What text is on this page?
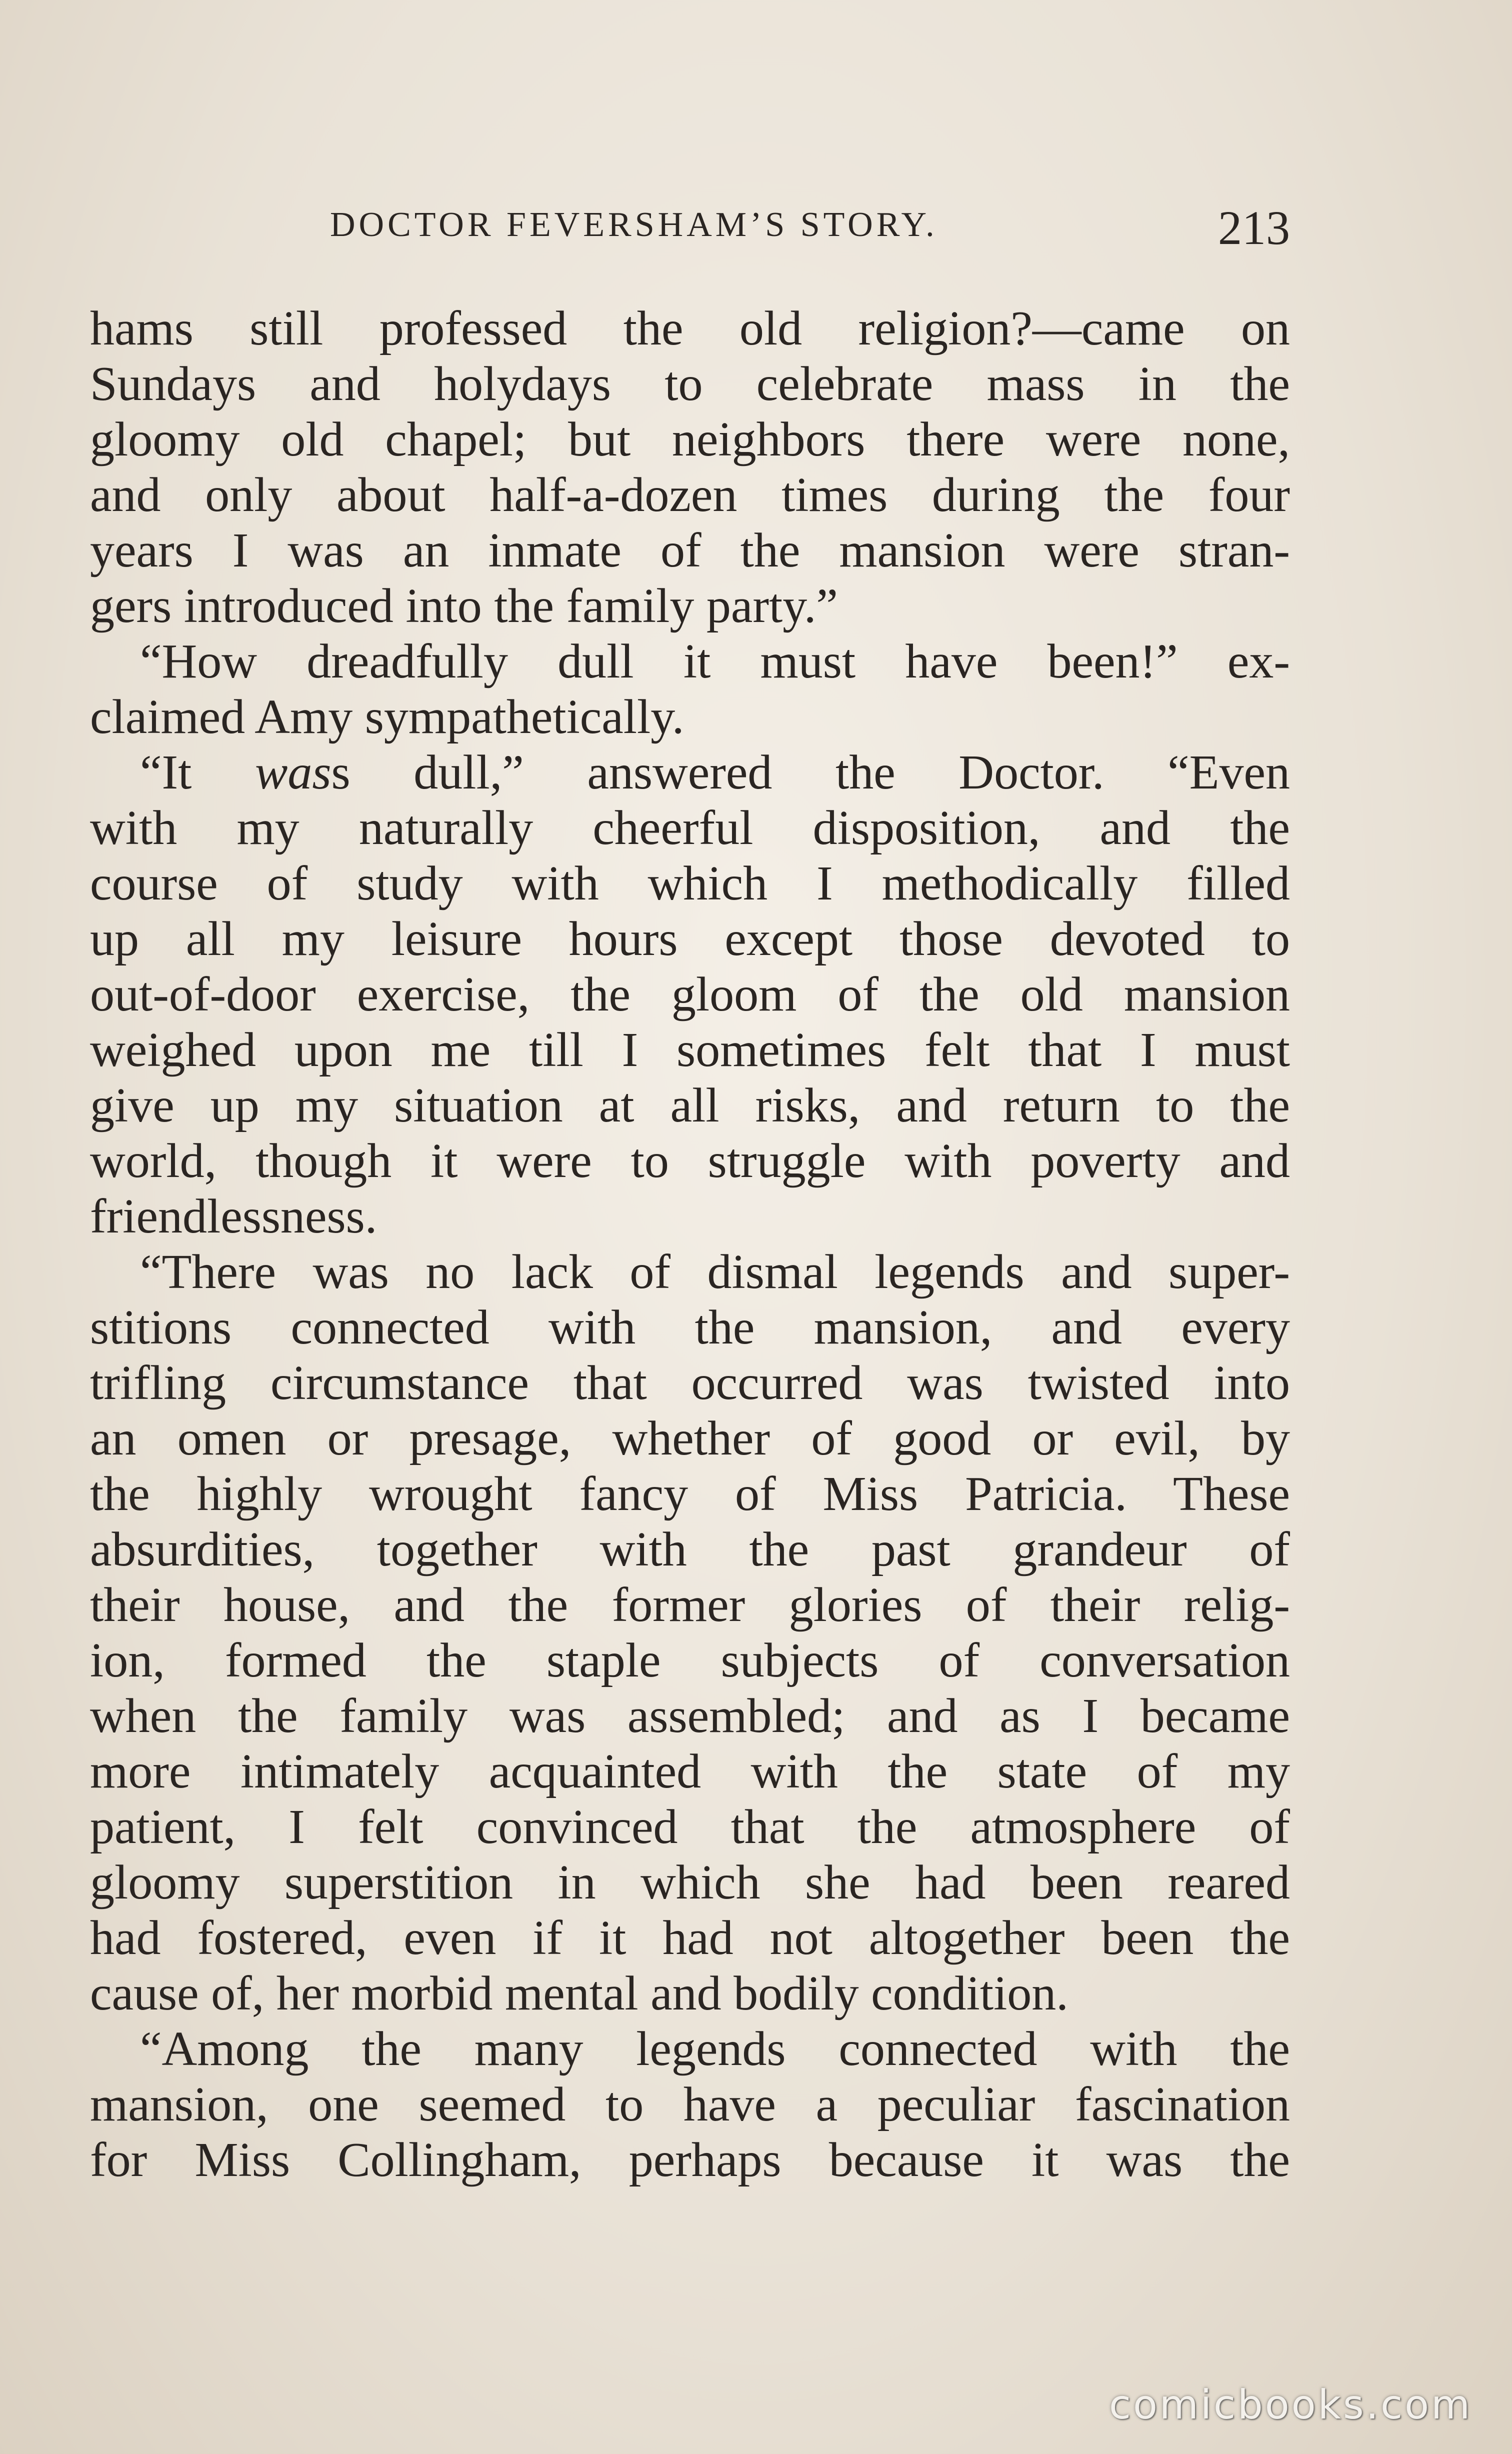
DOCTOR FEVERSHAM’S STORY.	213
hams still professed the old religion?—came on
Sundays and holydays to celebrate mass in the
gloomy old chapel; but neighbors there were none,
and only about half-a-dozen times during the four
years I was an inmate of the mansion were stran-
gers introduced into the family party.”
“How dreadfully dull it must have been!” ex-
claimed Amy sympathetically.
“It wass dull,” answered the Doctor. “Even
with my naturally cheerful disposition, and the
course of study with which I methodically filled
up all my leisure hours except those devoted to
out-of-door exercise, the gloom of the old mansion
weighed upon me till I sometimes felt that I must
give up my situation at all risks, and return to the
world, though it were to struggle with poverty and
friendlessness.
“There was no lack of dismal legends and super-
stitions connected with the mansion, and every
trifling circumstance that occurred was twisted into
an omen or presage, whether of good or evil, by
the highly wrought fancy of Miss Patricia. These
absurdities, together with the past grandeur of
their house, and the former glories of their relig-
ion, formed the staple subjects of conversation
when the family was assembled; and as I became
more intimately acquainted with the state of my
patient, I felt convinced that the atmosphere of
gloomy superstition in which she had been reared
had fostered, even if it had not altogether been the
cause of, her morbid mental and bodily condition.
“Among the many legends connected with the
mansion, one seemed to have a peculiar fascination
for Miss Collingham, perhaps because it was the
comicbooks.com
